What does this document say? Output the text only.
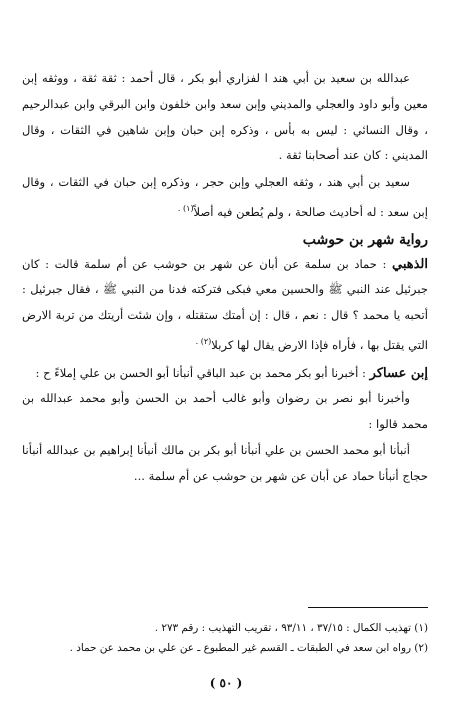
عبدالله بن سعيد بن أبي هند ا لفزاري أبو بكر ، قال أحمد : ثقة ثقة ، ووثقه إبن معين وأبو داود والعجلي والمديني وإبن سعد وابن خلفون وابن البرقي وابن عبدالرحيم ، وقال النسائي : ليس به بأس ، وذكره إبن حبان وإبن شاهين في الثقات ، وقال المديني : كان عند أصحابنا ثقة .

سعيد بن أبي هند ، وثقه العجلي وإبن حجر ، وذكره إبن حبان في الثقات ، وقال إبن سعد : له أحاديث صالحة ، ولم يُطعن فيه أصلاً$^{(١) .}$

رواية شهر بن حوشب

الذهبي : حماد بن سلمة عن أبان عن شهر بن حوشب عن أم سلمة قالت : كان جبرئيل عند النبي ﷺ والحسين معي فبكى فتركته فدنا من النبي ﷺ ، فقال جبرئيل : أتحبه يا محمد ؟ قال : نعم ، قال : إن أمتك ستقتله ، وإن شئت أريتك من تربة الارض التي يقتل بها ، فأراه فإذا الارض يقال لها كربلا$^{(٢) .}$

إبن عساكر : أخبرنا أبو بكر محمد بن عبد الباقي أنبأنا أبو الحسن بن علي إملاءً ح :

وأخبرنا أبو نصر بن رضوان وأبو غالب أحمد بن الحسن وأبو محمد عبدالله بن محمد قالوا :

أنبأنا أبو محمد الحسن بن علي أنبأنا أبو بكر بن مالك أنبأنا إبراهيم بن عبدالله أنبأنا حجاج أنبأنا حماد عن أبان عن شهر بن حوشب عن أم سلمة ...

(١) تهذيب الكمال : ٣٧/١٥ ، ٩٣/١١ ، تقريب التهذيب : رقم ٢٧٣ .

(٢) رواه ابن سعد في الطبقات ـ القسم غير المطبوع ـ عن علي بن محمد عن حماد .

( ٥٠ )
